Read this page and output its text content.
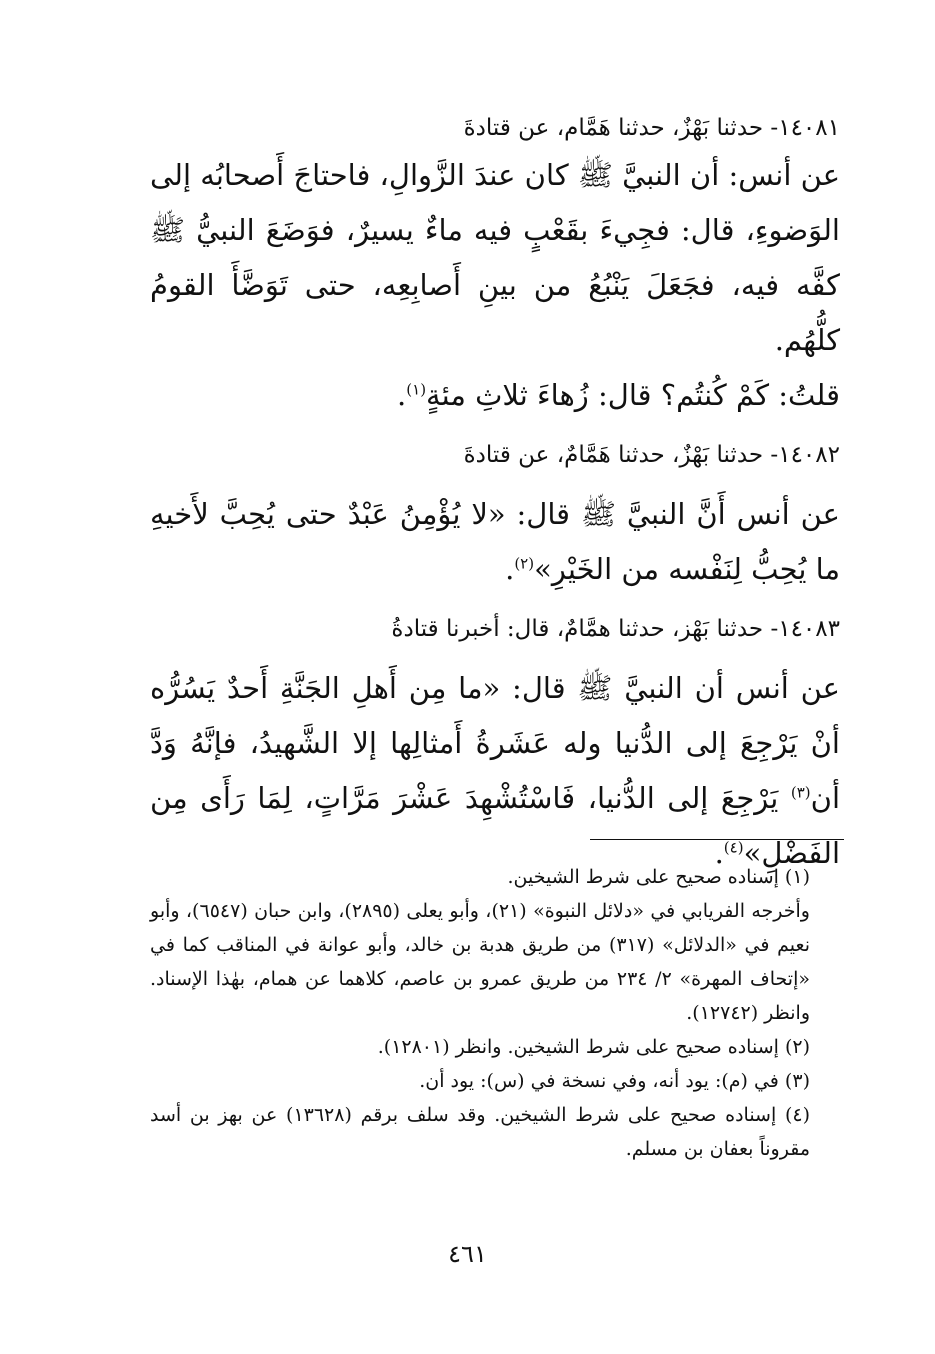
١٤٠٨١- حدثنا بَهْزٌ، حدثنا هَمَّام، عن قتادةَ

عن أنس: أن النبيَّ ﷺ كان عندَ الزَّوالِ، فاحتاجَ أَصحابُه إلى الوَضوءِ، قال: فجِيءَ بقَعْبٍ فيه ماءٌ يسيرٌ، فوَضَعَ النبيُّ ﷺ كفَّه فيه، فجَعَلَ يَنْبُعُ من بينِ أَصابِعِه، حتى تَوَضَّأَ القومُ كلُّهُم.

قلتُ: كَمْ كُنتُم؟ قال: زُهاءَ ثلاثِ مئةٍ$^{(١)}$.

١٤٠٨٢- حدثنا بَهْزٌ، حدثنا هَمَّامٌ، عن قتادةَ

عن أنس أَنَّ النبيَّ ﷺ قال: «لا يُؤْمِنُ عَبْدٌ حتى يُحِبَّ لأَخيهِ ما يُحِبُّ لِنَفْسه من الخَيْرِ»$^{(٢)}$.

١٤٠٨٣- حدثنا بَهْز، حدثنا همَّامٌ، قال: أخبرنا قتادةُ

عن أنس أن النبيَّ ﷺ قال: «ما مِن أَهلِ الجَنَّةِ أَحدٌ يَسُرُّه أنْ يَرْجِعَ إلى الدُّنيا وله عَشَرةُ أَمثالِها إلا الشَّهيدُ، فإنَّهُ وَدَّ أن$^{(٣)}$ يَرْجِعَ إلى الدُّنيا، فَاسْتُشْهِدَ عَشْرَ مَرَّاتٍ، لِمَا رَأَى مِن الفَضْلِ»$^{(٤)}$.

(١) إسناده صحيح على شرط الشيخين.

وأخرجه الفريابي في «دلائل النبوة» (٢١)، وأبو يعلى (٢٨٩٥)، وابن حبان (٦٥٤٧)، وأبو نعيم في «الدلائل» (٣١٧) من طريق هدبة بن خالد، وأبو عوانة في المناقب كما في «إتحاف المهرة» ٢/ ٢٣٤ من طريق عمرو بن عاصم، كلاهما عن همام، بهٰذا الإسناد. وانظر (١٢٧٤٢).

(٢) إسناده صحيح على شرط الشيخين. وانظر (١٢٨٠١).

(٣) في (م): يود أنه، وفي نسخة في (س): يود أن.

(٤) إسناده صحيح على شرط الشيخين. وقد سلف برقم (١٣٦٢٨) عن بهز بن أسد مقروناً بعفان بن مسلم.

٤٦١
